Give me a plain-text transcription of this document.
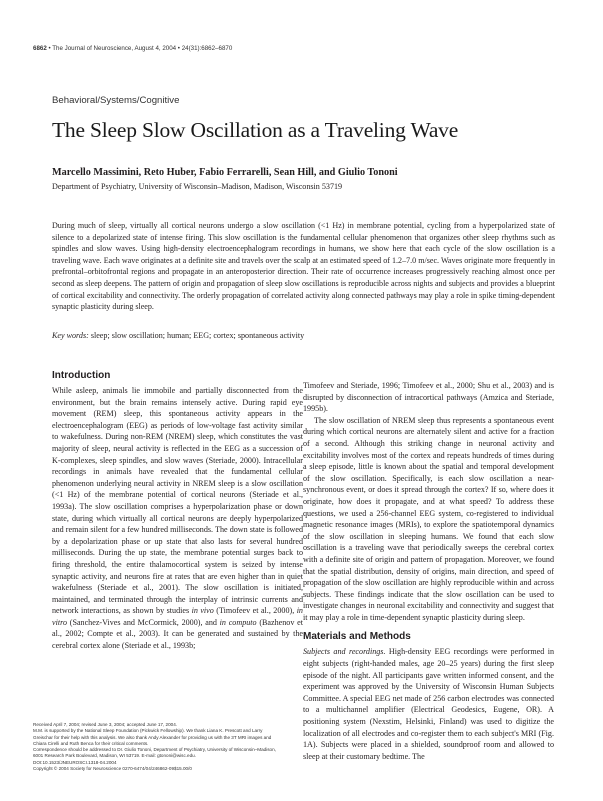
6862 • The Journal of Neuroscience, August 4, 2004 • 24(31):6862–6870
Behavioral/Systems/Cognitive
The Sleep Slow Oscillation as a Traveling Wave
Marcello Massimini, Reto Huber, Fabio Ferrarelli, Sean Hill, and Giulio Tononi
Department of Psychiatry, University of Wisconsin–Madison, Madison, Wisconsin 53719

During much of sleep, virtually all cortical neurons undergo a slow oscillation (<1 Hz) in membrane potential, cycling from a hyperpolarized state of silence to a depolarized state of intense firing. This slow oscillation is the fundamental cellular phenomenon that organizes other sleep rhythms such as spindles and slow waves. Using high-density electroencephalogram recordings in humans, we show here that each cycle of the slow oscillation is a traveling wave. Each wave originates at a definite site and travels over the scalp at an estimated speed of 1.2–7.0 m/sec. Waves originate more frequently in prefrontal–orbitofrontal regions and propagate in an anteroposterior direction. Their rate of occurrence increases progressively reaching almost once per second as sleep deepens. The pattern of origin and propagation of sleep slow oscillations is reproducible across nights and subjects and provides a blueprint of cortical excitability and connectivity. The orderly propagation of correlated activity along connected pathways may play a role in spike timing-dependent synaptic plasticity during sleep.

Key words: sleep; slow oscillation; human; EEG; cortex; spontaneous activity
Introduction

While asleep, animals lie immobile and partially disconnected from the environment, but the brain remains intensely active. During rapid eye movement (REM) sleep, this spontaneous activity appears in the electroencephalogram (EEG) as periods of low-voltage fast activity similar to wakefulness. During non-REM (NREM) sleep, which constitutes the vast majority of sleep, neural activity is reflected in the EEG as a succession of K-complexes, sleep spindles, and slow waves (Steriade, 2000). Intracellular recordings in animals have revealed that the fundamental cellular phenomenon underlying neural activity in NREM sleep is a slow oscillation (<1 Hz) of the membrane potential of cortical neurons (Steriade et al., 1993a). The slow oscillation comprises a hyperpolarization phase or down state, during which virtually all cortical neurons are deeply hyperpolarized and remain silent for a few hundred milliseconds. The down state is followed by a depolarization phase or up state that also lasts for several hundred milliseconds. During the up state, the membrane potential surges back to firing threshold, the entire thalamocortical system is seized by intense synaptic activity, and neurons fire at rates that are even higher than in quiet wakefulness (Steriade et al., 2001). The slow oscillation is initiated, maintained, and terminated through the interplay of intrinsic currents and network interactions, as shown by studies in vivo (Timofeev et al., 2000), in vitro (Sanchez-Vives and McCormick, 2000), and in computo (Bazhenov et al., 2002; Compte et al., 2003). It can be generated and sustained by the cerebral cortex alone (Steriade et al., 1993b;

Timofeev and Steriade, 1996; Timofeev et al., 2000; Shu et al., 2003) and is disrupted by disconnection of intracortical pathways (Amzica and Steriade, 1995b).

The slow oscillation of NREM sleep thus represents a spontaneous event during which cortical neurons are alternately silent and active for a fraction of a second. Although this striking change in neuronal activity and excitability involves most of the cortex and repeats hundreds of times during a sleep episode, little is known about the spatial and temporal development of the slow oscillation. Specifically, is each slow oscillation a near-synchronous event, or does it spread through the cortex? If so, where does it originate, how does it propagate, and at what speed? To address these questions, we used a 256-channel EEG system, co-registered to individual magnetic resonance images (MRIs), to explore the spatiotemporal dynamics of the slow oscillation in sleeping humans. We found that each slow oscillation is a traveling wave that periodically sweeps the cerebral cortex with a definite site of origin and pattern of propagation. Moreover, we found that the spatial distribution, density of origins, main direction, and speed of propagation of the slow oscillation are highly reproducible within and across subjects. These findings indicate that the slow oscillation can be used to investigate changes in neuronal excitability and connectivity and suggest that it may play a role in time-dependent synaptic plasticity during sleep.

Materials and Methods

Subjects and recordings. High-density EEG recordings were performed in eight subjects (right-handed males, age 20–25 years) during the first sleep episode of the night. All participants gave written informed consent, and the experiment was approved by the University of Wisconsin Human Subjects Committee. A special EEG net made of 256 carbon electrodes was connected to a multichannel amplifier (Electrical Geodesics, Eugene, OR). A positioning system (Nexstim, Helsinki, Finland) was used to digitize the localization of all electrodes and co-register them to each subject's MRI (Fig. 1A). Subjects were placed in a shielded, soundproof room and allowed to sleep at their customary bedtime. The

Received April 7, 2004; revised June 3, 2004; accepted June 17, 2004.

M.M. is supported by the National Sleep Foundation (Pickwick Fellowship). We thank Liana K. Prescott and Larry Greischar for their help with this analysis. We also thank Andy Alexander for providing us with the 3T MRI images and Chiara Cirelli and Ruth Benca for their critical comments.

Correspondence should be addressed to Dr. Giulio Tononi, Department of Psychiatry, University of Wisconsin–Madison, 6001 Research Park Boulevard, Madison, WI 53719. E-mail: gtononi@wisc.edu.

DOI:10.1523/JNEUROSCI.1318-04.2004

Copyright © 2004 Society for Neuroscience 0270-6474/04/246862-09$15.00/0
